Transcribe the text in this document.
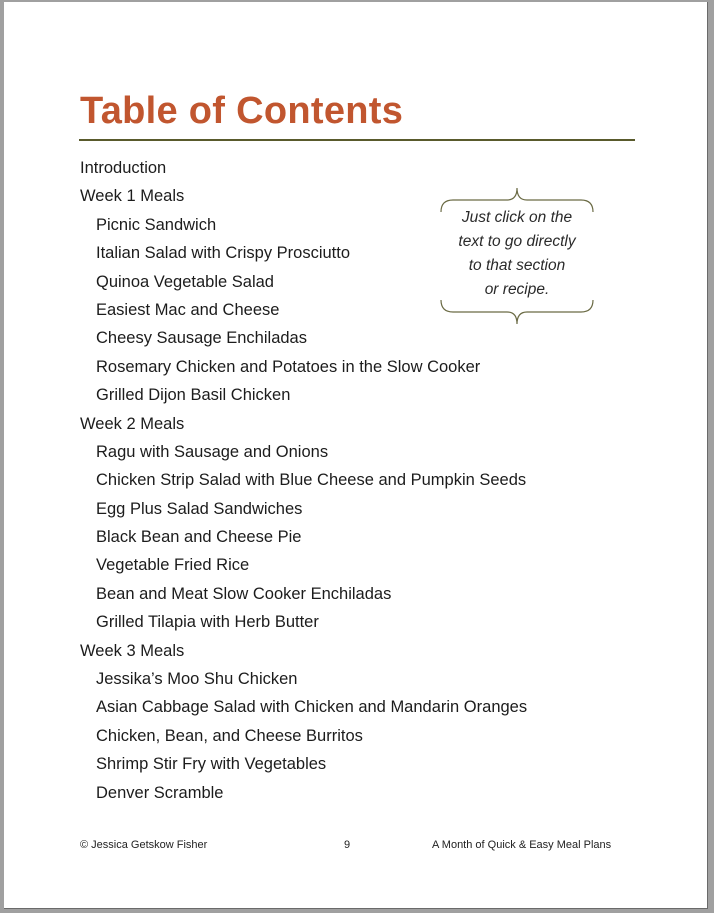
Table of Contents
Introduction
Week 1 Meals
Picnic Sandwich
Italian Salad with Crispy Prosciutto
Quinoa Vegetable Salad
Easiest Mac and Cheese
Cheesy Sausage Enchiladas
Rosemary Chicken and Potatoes in the Slow Cooker
Grilled Dijon Basil Chicken
Week 2 Meals
Ragu with Sausage and Onions
Chicken Strip Salad with Blue Cheese and Pumpkin Seeds
Egg Plus Salad Sandwiches
Black Bean and Cheese Pie
Vegetable Fried Rice
Bean and Meat Slow Cooker Enchiladas
Grilled Tilapia with Herb Butter
Week 3 Meals
Jessika’s Moo Shu Chicken
Asian Cabbage Salad with Chicken and Mandarin Oranges
Chicken, Bean, and Cheese Burritos
Shrimp Stir Fry with Vegetables
Denver Scramble
Just click on the
text to go directly
to that section
or recipe.
© Jessica Getskow Fisher	9	A Month of Quick & Easy Meal Plans
